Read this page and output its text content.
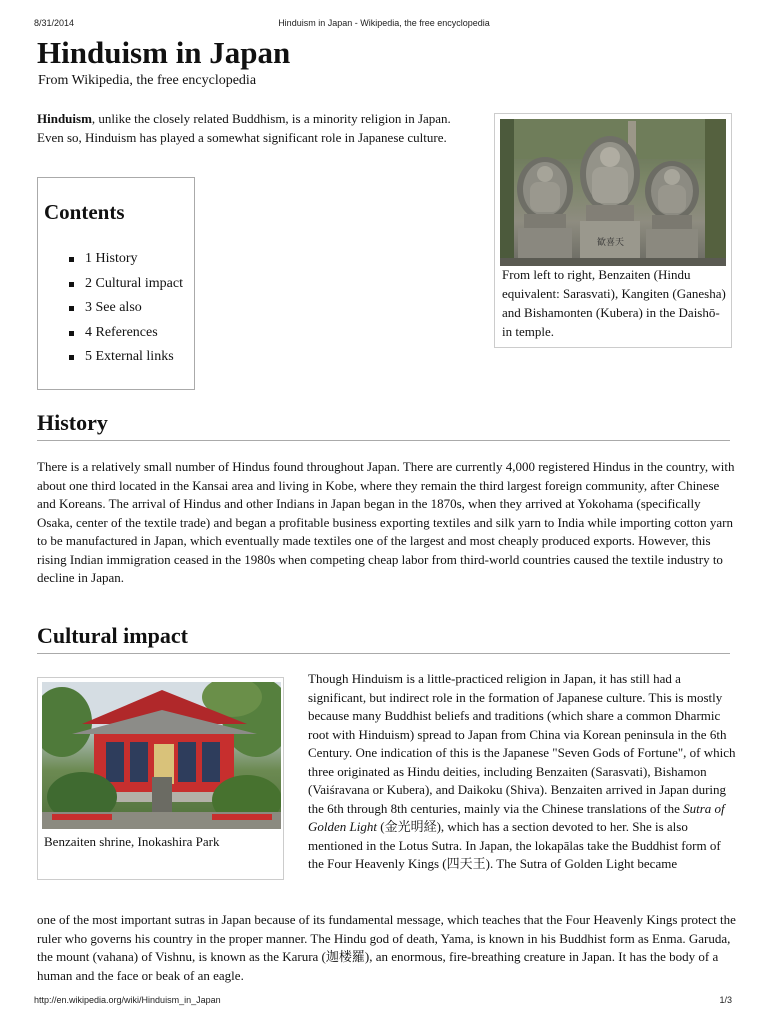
8/31/2014	Hinduism in Japan - Wikipedia, the free encyclopedia
Hinduism in Japan
From Wikipedia, the free encyclopedia

Hinduism, unlike the closely related Buddhism, is a minority religion in Japan. Even so, Hinduism has played a somewhat significant role in Japanese culture.

Contents
1 History
2 Cultural impact
3 See also
4 References
5 External links
歓喜天
From left to right, Benzaiten (Hindu equivalent: Sarasvati), Kangiten (Ganesha) and Bishamonten (Kubera) in the Daishō-in temple.
History

There is a relatively small number of Hindus found throughout Japan. There are currently 4,000 registered Hindus in the country, with about one third located in the Kansai area and living in Kobe, where they remain the third largest foreign community, after Chinese and Koreans. The arrival of Hindus and other Indians in Japan began in the 1870s, when they arrived at Yokohama (specifically Osaka, center of the textile trade) and began a profitable business exporting textiles and silk yarn to India while importing cotton yarn to be manufactured in Japan, which eventually made textiles one of the largest and most cheaply produced exports. However, this rising Indian immigration ceased in the 1980s when competing cheap labor from third-world countries caused the textile industry to decline in Japan.

Cultural impact
Benzaiten shrine, Inokashira Park

Though Hinduism is a little-practiced religion in Japan, it has still had a significant, but indirect role in the formation of Japanese culture. This is mostly because many Buddhist beliefs and traditions (which share a common Dharmic root with Hinduism) spread to Japan from China via Korean peninsula in the 6th Century. One indication of this is the Japanese "Seven Gods of Fortune", of which three originated as Hindu deities, including Benzaiten (Sarasvati), Bishamon (Vaiśravana or Kubera), and Daikoku (Shiva). Benzaiten arrived in Japan during the 6th through 8th centuries, mainly via the Chinese translations of the Sutra of Golden Light (金光明経), which has a section devoted to her. She is also mentioned in the Lotus Sutra. In Japan, the lokapālas take the Buddhist form of the Four Heavenly Kings (四天王). The Sutra of Golden Light became

one of the most important sutras in Japan because of its fundamental message, which teaches that the Four Heavenly Kings protect the ruler who governs his country in the proper manner. The Hindu god of death, Yama, is known in his Buddhist form as Enma. Garuda, the mount (vahana) of Vishnu, is known as the Karura (迦楼羅), an enormous, fire-breathing creature in Japan. It has the body of a human and the face or beak of an eagle.

http://en.wikipedia.org/wiki/Hinduism_in_Japan	1/3
